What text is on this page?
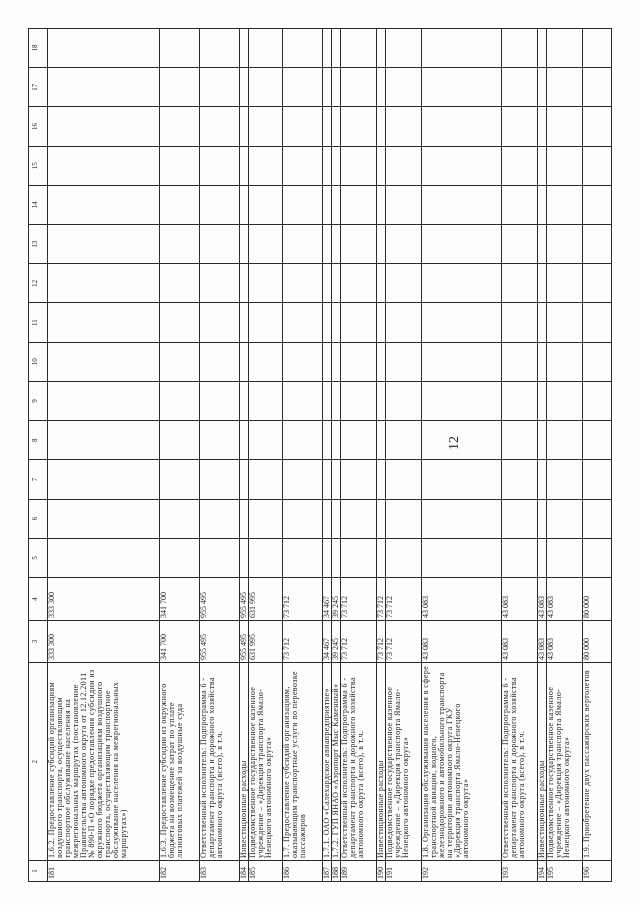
1
2
3
4
5
6
7
8
9
10
11
12
13
14
15
16
17
18
181
1.6.2. Предоставление субсидий организациям воздушного транспорта, осуществляющим транспортное обслуживание населения на межрегиональных маршрутах (постановление Правительства автономного округа от 12.12.2011 № 890-П «О порядке предоставления субсидии из окружного бюджета организациям воздушного транспорта, осуществляющим транспортное обслуживание населения на межрегиональных маршрутах»)
333 300
333 300
182
1.6.3. Предоставление субсидии из окружного бюджета на возмещение затрат по уплате лизинговых платежей за воздушные суда
341 700
341 700
183
Ответственный исполнитель: Подпрограмма 6 - департамент транспорта и дорожного хозяйства автономного округа (всего), в т.ч.
955 495
955 495
184
Инвестиционные расходы
955 495
955 495
185
Подведомственное государственное казенное учреждение – «Дирекция транспорта Ямало-Ненецкого автономного округа»
631 995
631 995
186
1.7. Предоставление субсидий организациям, оказывающим транспортные услуги по перевозке пассажиров
73 712
73 712
187
1.7.1. ОАО «Салехардское авиапредприятие»
34 467
34 467
188
1.7.2. ГУП ЯНАО «Аэропорт Мыс Каменный»
39 245
39 245
189
Ответственный исполнитель: Подпрограмма 6 - департамент транспорта и дорожного хозяйства автономного округа (всего), в т.ч.
73 712
73 712
190
Инвестиционные расходы
73 712
73 712
191
Подведомственное государственное казенное учреждение – «Дирекция транспорта Ямало-Ненецкого автономного округа»
73 712
73 712
192
1.8. Организация обслуживания населения в сфере транспортной авиации, водного, железнодорожного и автомобильного транспорта на территории автономного округа ГКУ «Дирекция транспорта Ямало-Ненецкого автономного округа»
43 083
43 083
193
Ответственный исполнитель: Подпрограмма 6 - департамент транспорта и дорожного хозяйства автономного округа (всего), в т.ч.
43 083
43 083
194
Инвестиционные расходы
43 083
43 083
195
Подведомственное государственное казенное учреждение – «Дирекция транспорта Ямало-Ненецкого автономного округа»
43 083
43 083
196
1.9. Приобретение двух пассажирских вертолетов
80 000
80 000
12
